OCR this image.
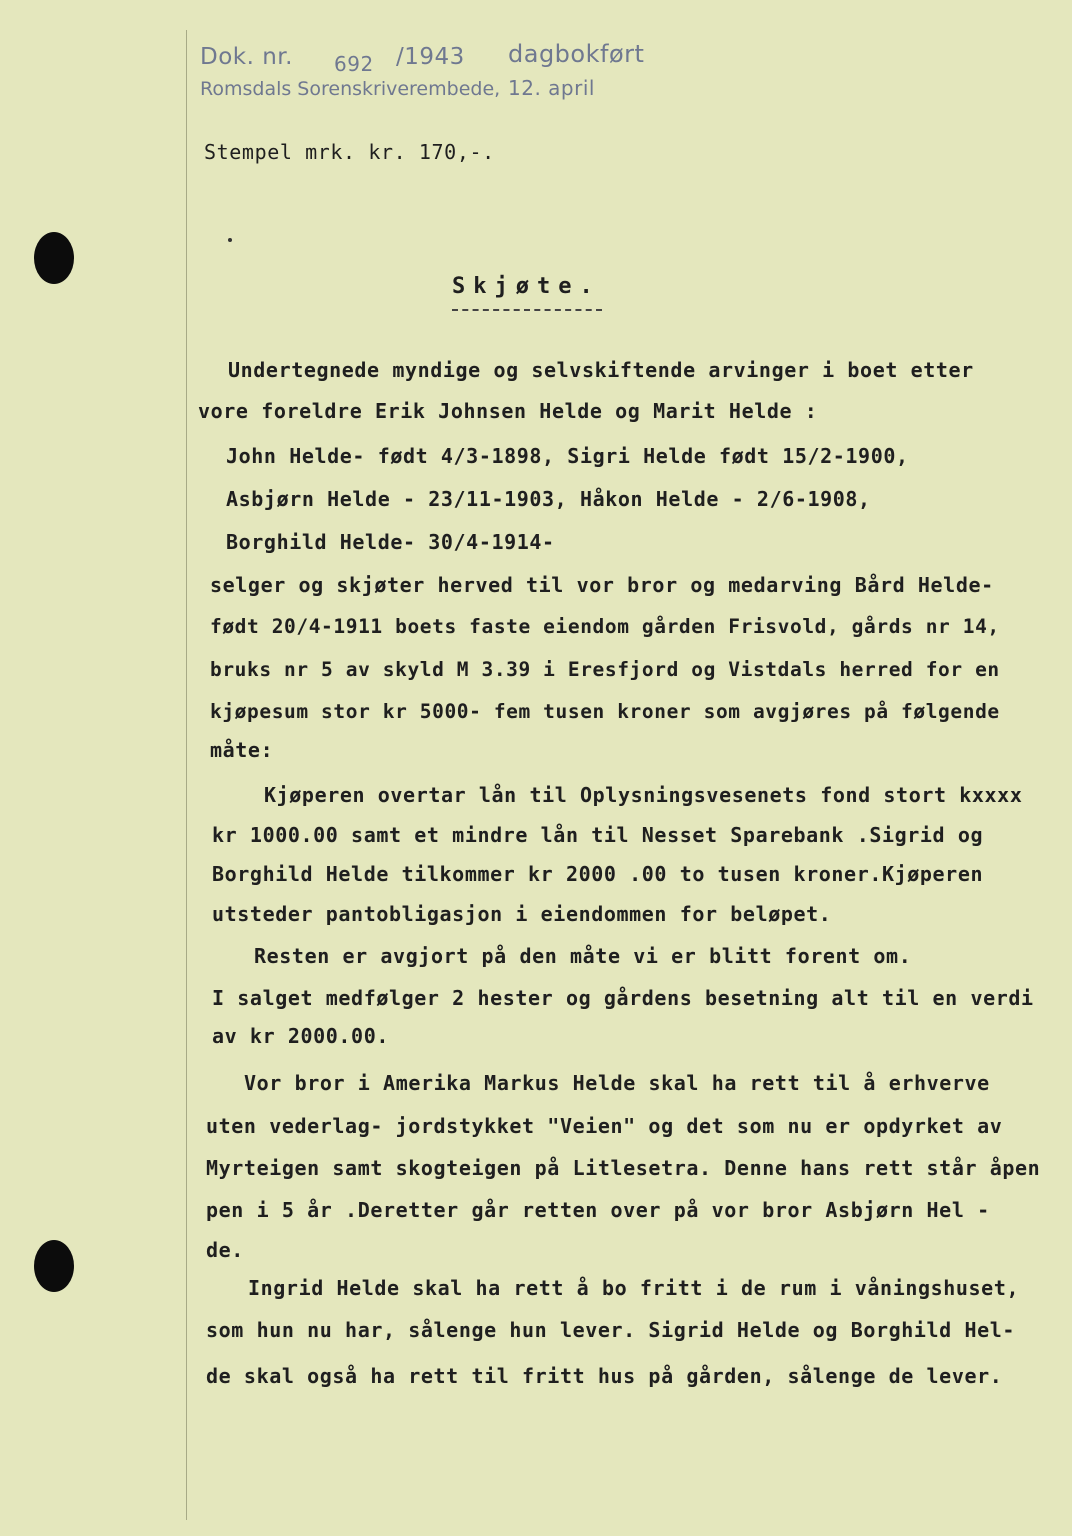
Dok. nr. 692 /1943 dagbokført
Romsdals Sorenskriverembede, 12. april
Stempel mrk. kr. 170,-.
Skjøte.
Undertegnede myndige og selvskiftende arvinger i boet etter
vore foreldre Erik Johnsen Helde og Marit Helde :
John Helde- født 4/3-1898, Sigri Helde født 15/2-1900,
Asbjørn Helde - 23/11-1903, Håkon Helde - 2/6-1908,
Borghild Helde- 30/4-1914-
selger og skjøter herved til vor bror og medarving Bård Helde-
født 20/4-1911 boets faste eiendom gården Frisvold, gårds nr 14,
bruks nr 5 av skyld M 3.39 i Eresfjord og Vistdals herred for en
kjøpesum stor kr 5000- fem tusen kroner som avgjøres på følgende
måte:
Kjøperen overtar lån til Oplysningsvesenets fond stort kxxxx
kr 1000.00 samt et mindre lån til Nesset Sparebank .Sigrid og
Borghild Helde tilkommer kr 2000 .00 to tusen kroner.Kjøperen
utsteder pantobligasjon i eiendommen for beløpet.
Resten er avgjort på den måte vi er blitt forent om.
I salget medfølger 2 hester og gårdens besetning alt til en verdi
av kr 2000.00.
Vor bror i Amerika Markus Helde skal ha rett til å erhverve
uten vederlag- jordstykket "Veien" og det som nu er opdyrket av
Myrteigen samt skogteigen på Litlesetra. Denne hans rett står åpen
pen i 5 år .Deretter går retten over på vor bror Asbjørn Hel -
de.
Ingrid Helde skal ha rett å bo fritt i de rum i våningshuset,
som hun nu har, sålenge hun lever. Sigrid Helde og Borghild Hel-
de skal også ha rett til fritt hus på gården, sålenge de lever.
